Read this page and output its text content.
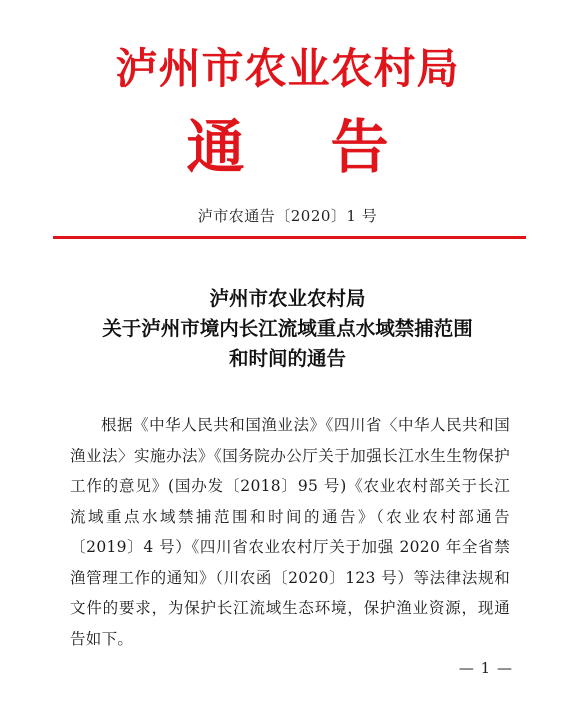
泸州市农业农村局
通 告
泸市农通告〔2020〕1 号
泸州市农业农村局
关于泸州市境内长江流域重点水域禁捕范围
和时间的通告
根据《中华人民共和国渔业法》《四川省〈中华人民共和国渔业法〉实施办法》《国务院办公厅关于加强长江水生生物保护工作的意见》(国办发〔2018〕95 号)《农业农村部关于长江流域重点水域禁捕范围和时间的通告》（农业农村部通告〔2019〕4 号）《四川省农业农村厅关于加强 2020 年全省禁渔管理工作的通知》（川农函〔2020〕123 号）等法律法规和文件的要求，为保护长江流域生态环境，保护渔业资源，现通告如下。
— 1 —
